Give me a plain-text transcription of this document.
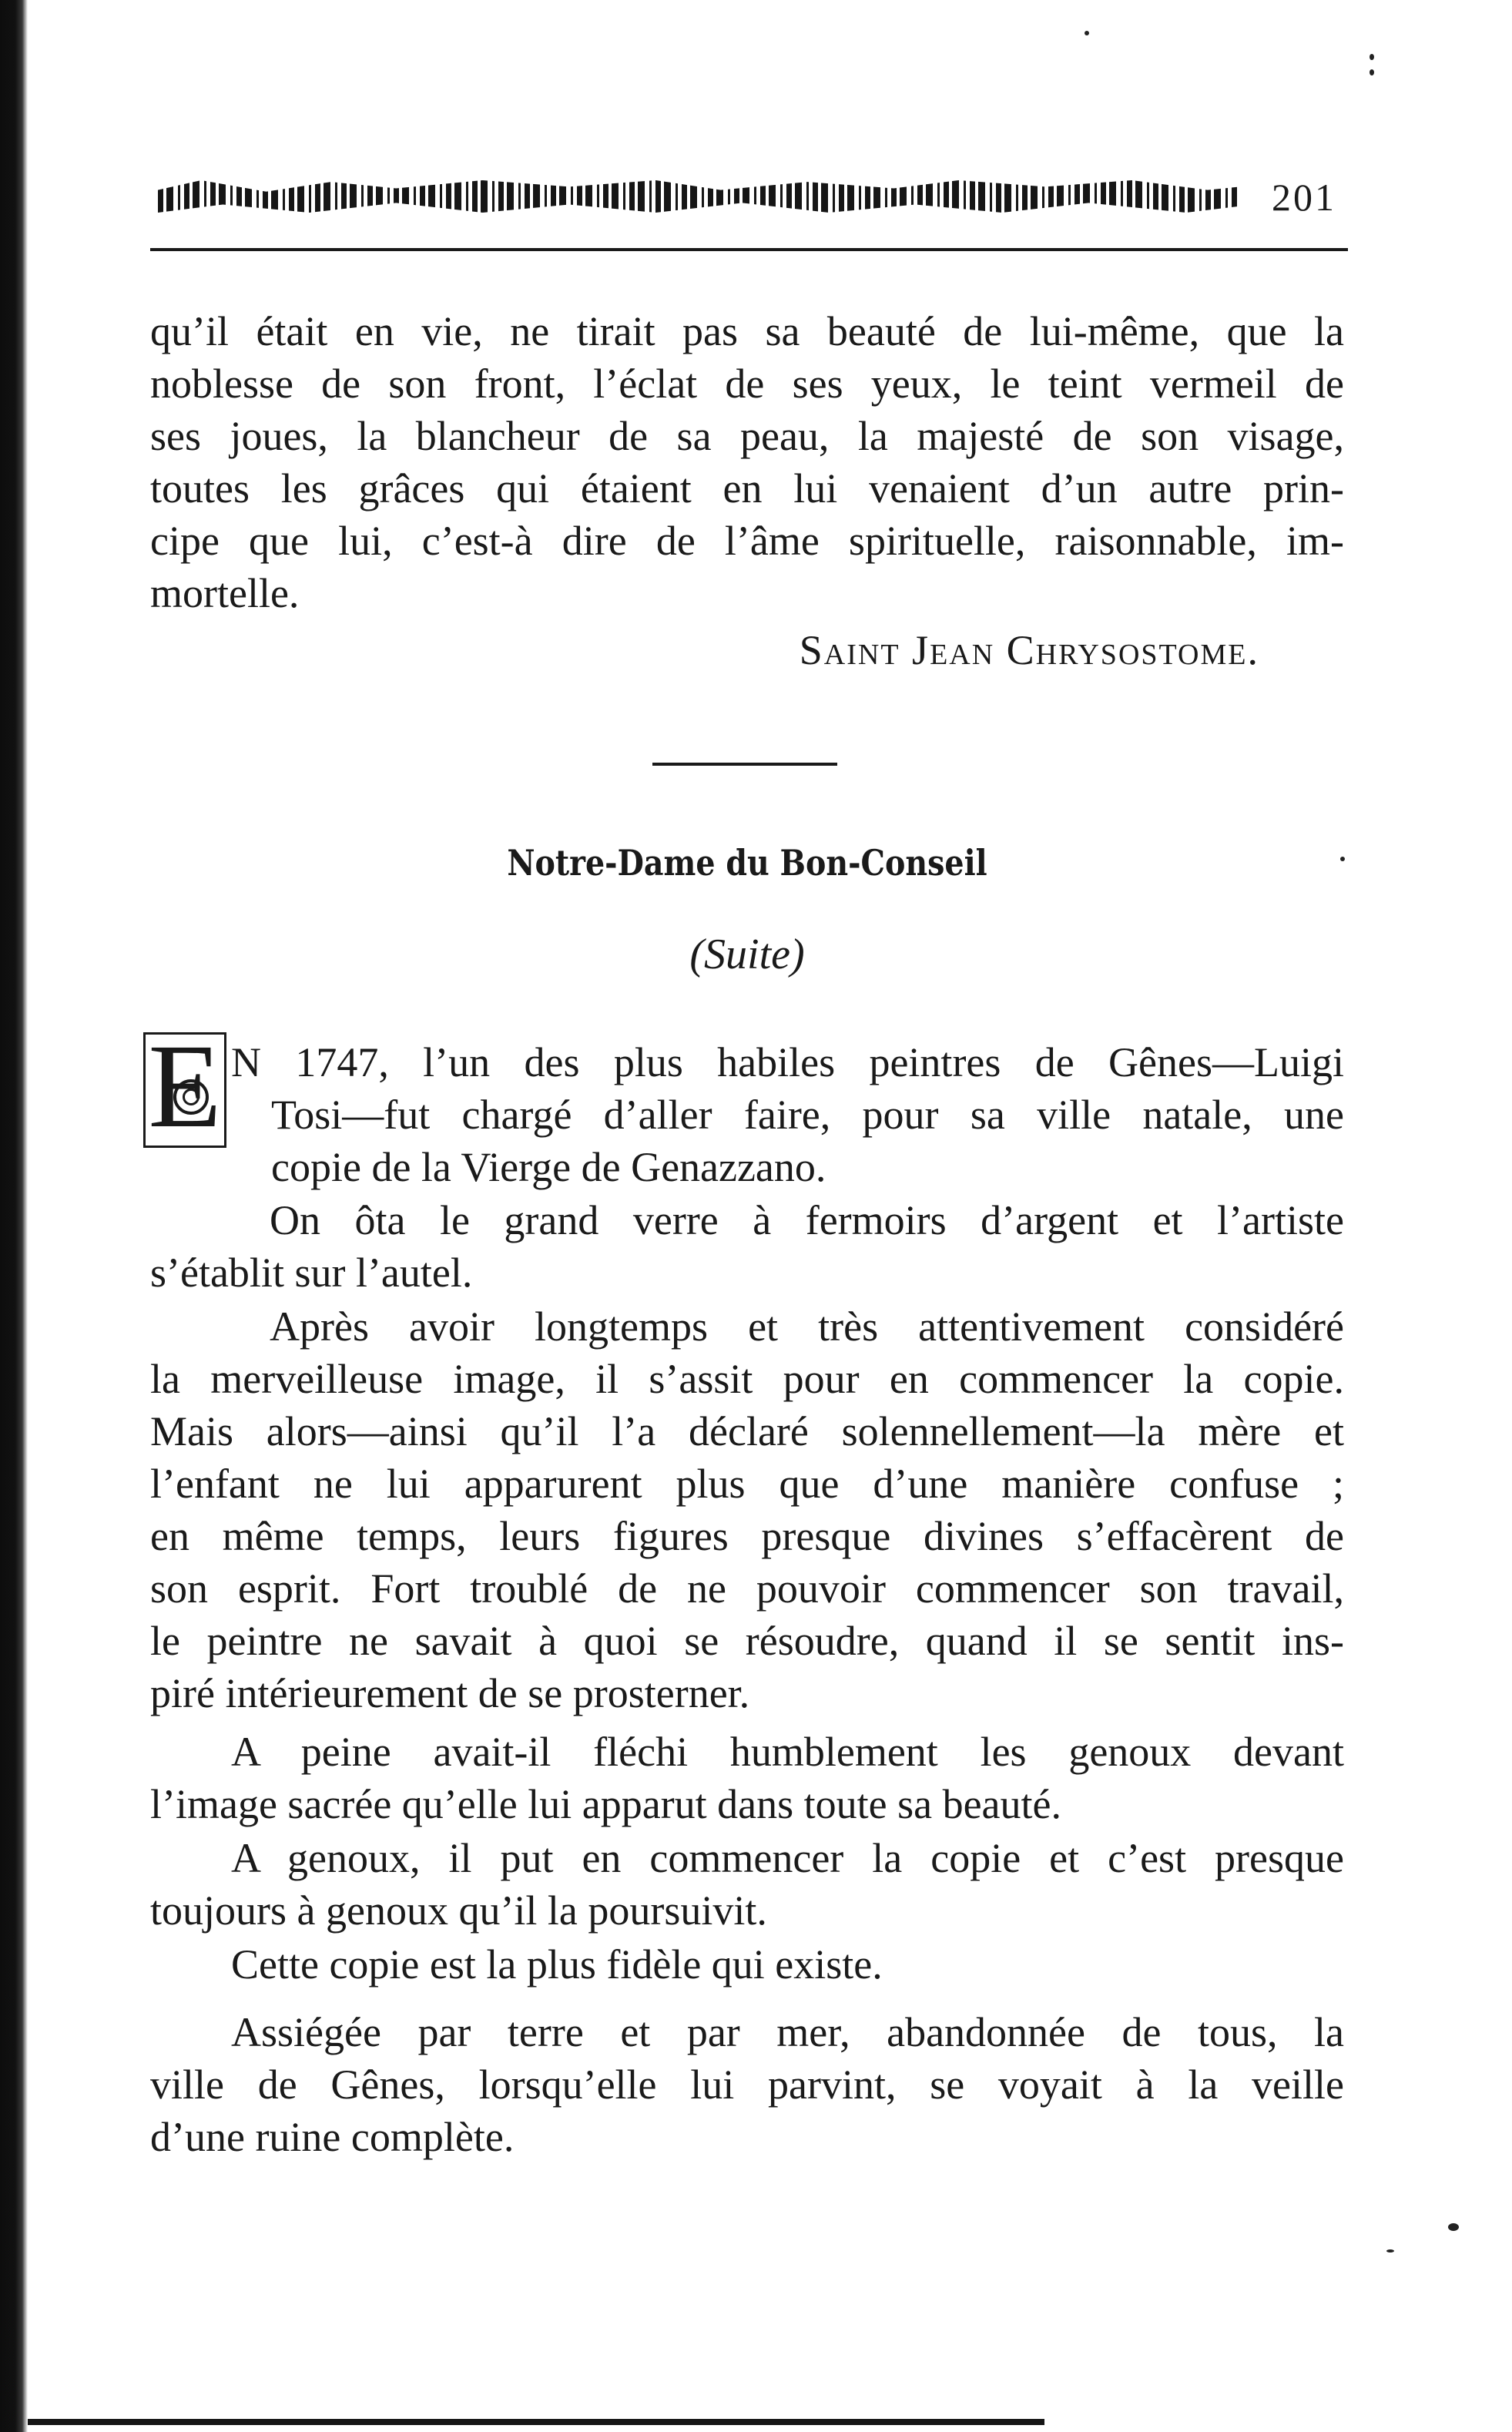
201
qu’il était en vie, ne tirait pas sa beauté de lui-même, que la
noblesse de son front, l’éclat de ses yeux, le teint vermeil de
ses joues, la blancheur de sa peau, la majesté de son visage,
toutes les grâces qui étaient en lui venaient d’un autre prin-
cipe que lui, c’est-à dire de l’âme spirituelle, raisonnable, im-
mortelle.
Saint Jean Chrysostome.
Notre-Dame du Bon-Conseil
(Suite)
E N 1747, l’un des plus habiles peintres de Gênes—Luigi
Tosi—fut chargé d’aller faire, pour sa ville natale, une
copie de la Vierge de Genazzano.
On ôta le grand verre à fermoirs d’argent et l’artiste
s’établit sur l’autel.
Après avoir longtemps et très attentivement considéré
la merveilleuse image, il s’assit pour en commencer la copie.
Mais alors—ainsi qu’il l’a déclaré solennellement—la mère et
l’enfant ne lui apparurent plus que d’une manière confuse ;
en même temps, leurs figures presque divines s’effacèrent de
son esprit. Fort troublé de ne pouvoir commencer son travail,
le peintre ne savait à quoi se résoudre, quand il se sentit ins-
piré intérieurement de se prosterner.
A peine avait-il fléchi humblement les genoux devant
l’image sacrée qu’elle lui apparut dans toute sa beauté.
A genoux, il put en commencer la copie et c’est presque
toujours à genoux qu’il la poursuivit.
Cette copie est la plus fidèle qui existe.
Assiégée par terre et par mer, abandonnée de tous, la
ville de Gênes, lorsqu’elle lui parvint, se voyait à la veille
d’une ruine complète.
